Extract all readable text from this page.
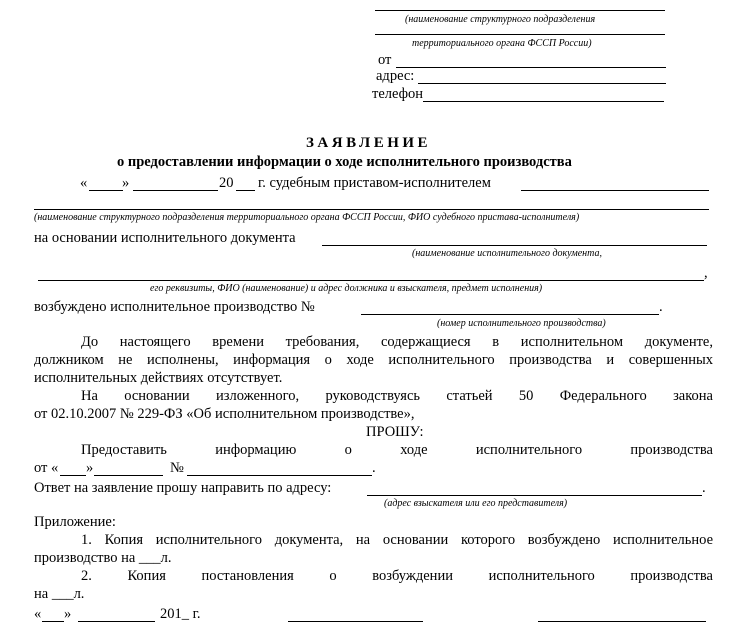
(наименование структурного подразделения
территориального органа ФССП России)
от
адрес:
телефон
ЗАЯВЛЕНИЕ
о предоставлении информации о ходе исполнительного производства
« »	20 г. судебным приставом-исполнителем
(наименование структурного подразделения территориального органа ФССП России, ФИО судебного пристава-исполнителя)
на основании исполнительного документа
(наименование исполнительного документа,
,
его реквизиты, ФИО (наименование) и адрес должника и взыскателя, предмет исполнения)
возбуждено исполнительное производство №	.
(номер исполнительного производства)
До настоящего времени требования, содержащиеся в исполнительном документе,
должником не исполнены, информация о ходе исполнительного производства и совершенных
исполнительных действиях отсутствует.
На основании изложенного, руководствуясь статьей 50 Федерального закона
от 02.10.2007 № 229-ФЗ «Об исполнительном производстве»,
ПРОШУ:
Предоставить информацию о ходе исполнительного производства
от « »	№	.
Ответ на заявление прошу направить по адресу:	.
(адрес взыскателя или его представителя)
Приложение:
1. Копия исполнительного документа, на основании которого возбуждено исполнительное
производство на ___л.
2. Копия постановления о возбуждении исполнительного производства
на ___л.
« »	201_ г.
